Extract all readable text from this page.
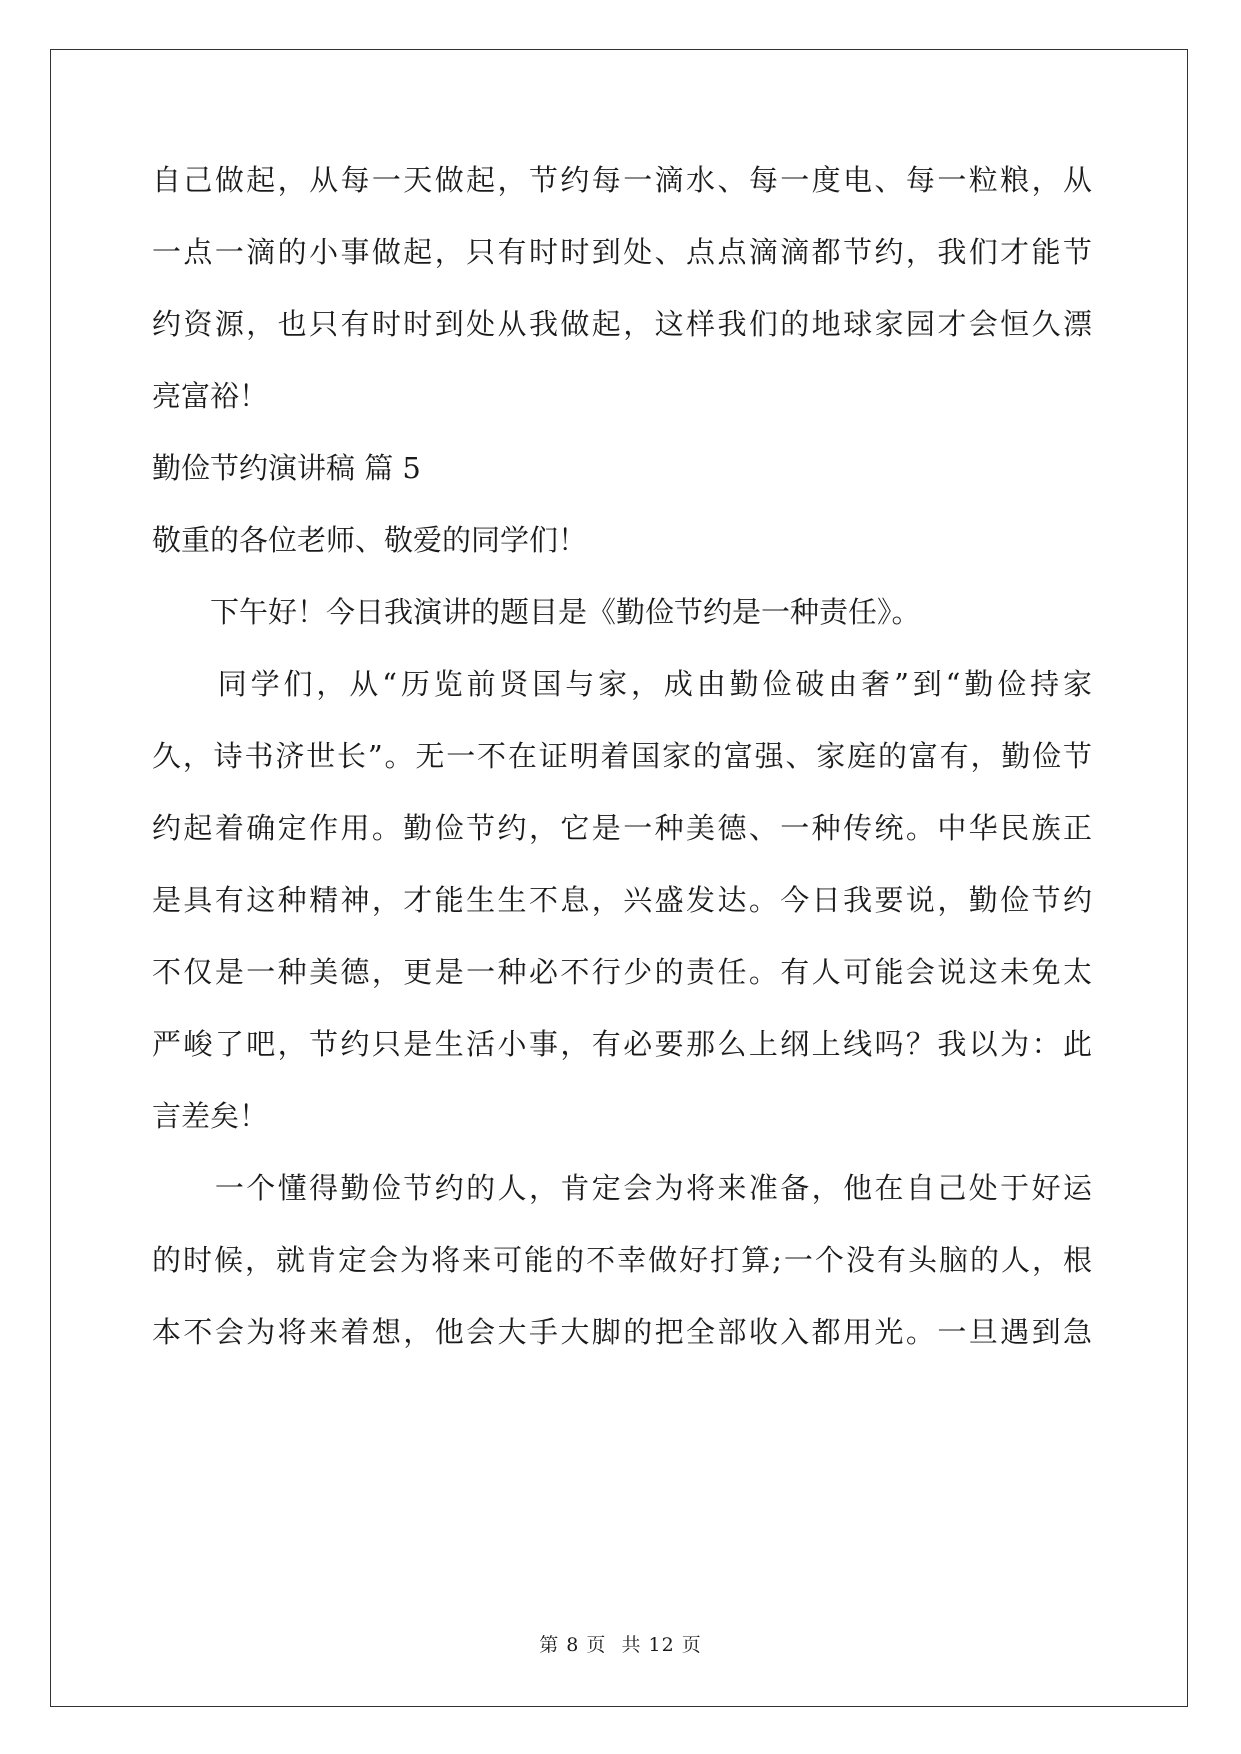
自己做起，从每一天做起，节约每一滴水、每一度电、每一粒粮，从
一点一滴的小事做起，只有时时到处、点点滴滴都节约，我们才能节
约资源，也只有时时到处从我做起，这样我们的地球家园才会恒久漂
亮富裕！
勤俭节约演讲稿 篇 5
敬重的各位老师、敬爱的同学们！
　　下午好！今日我演讲的题目是《勤俭节约是一种责任》。
　　同学们，从“历览前贤国与家，成由勤俭破由奢”到“勤俭持家
久，诗书济世长”。无一不在证明着国家的富强、家庭的富有，勤俭节
约起着确定作用。勤俭节约，它是一种美德、一种传统。中华民族正
是具有这种精神，才能生生不息，兴盛发达。今日我要说，勤俭节约
不仅是一种美德，更是一种必不行少的责任。有人可能会说这未免太
严峻了吧，节约只是生活小事，有必要那么上纲上线吗？我以为：此
言差矣！
　　一个懂得勤俭节约的人，肯定会为将来准备，他在自己处于好运
的时候，就肯定会为将来可能的不幸做好打算;一个没有头脑的人，根
本不会为将来着想，他会大手大脚的把全部收入都用光。一旦遇到急
第 8 页 共 12 页
